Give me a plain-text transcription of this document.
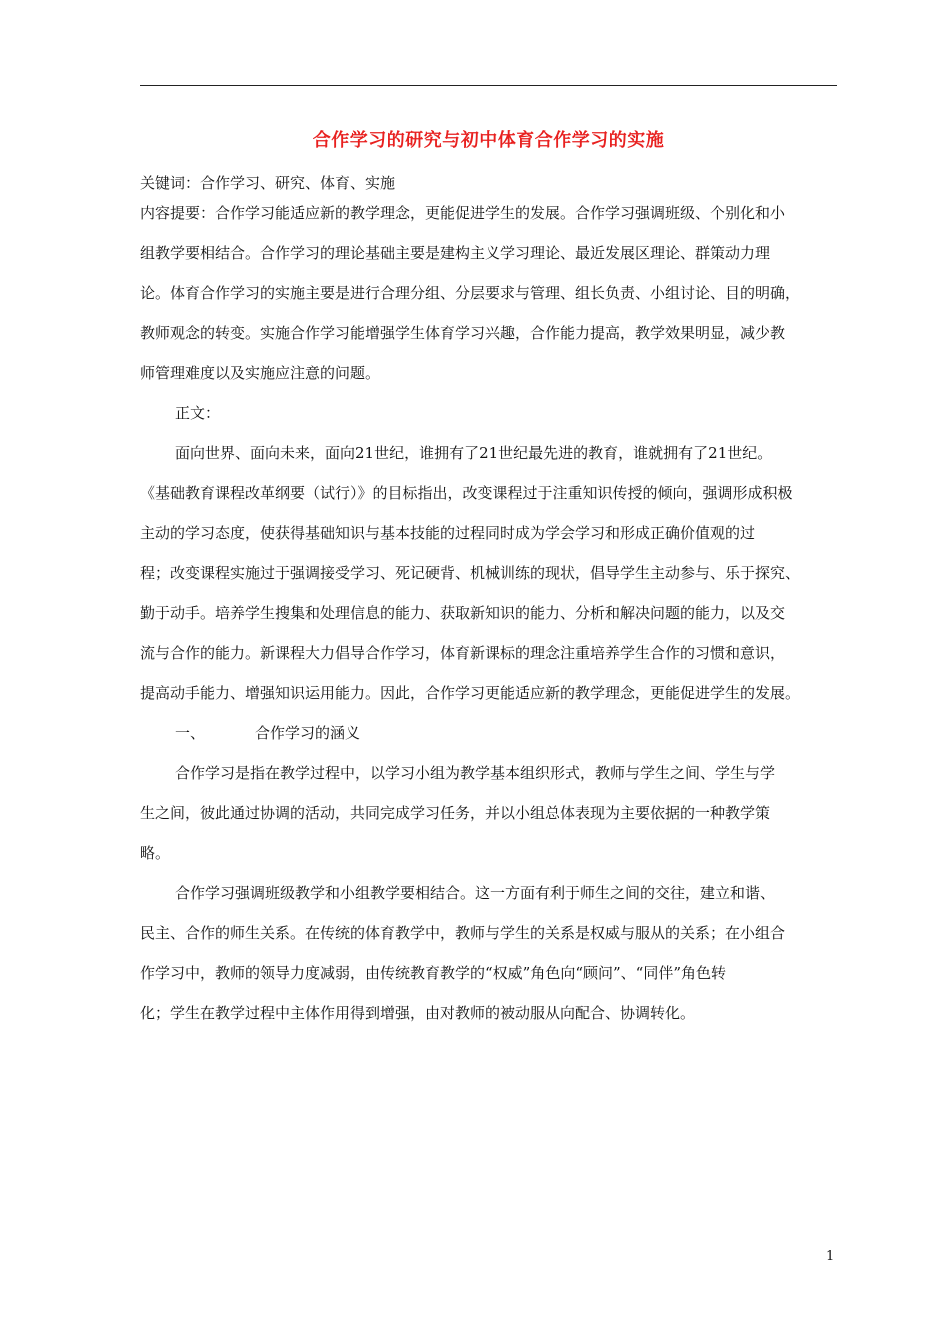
合作学习的研究与初中体育合作学习的实施
关键词：合作学习、研究、体育、实施
内容提要：合作学习能适应新的教学理念，更能促进学生的发展。合作学习强调班级、个别化和小
组教学要相结合。合作学习的理论基础主要是建构主义学习理论、最近发展区理论、群策动力理
论。体育合作学习的实施主要是进行合理分组、分层要求与管理、组长负责、小组讨论、目的明确，
教师观念的转变。实施合作学习能增强学生体育学习兴趣，合作能力提高，教学效果明显，减少教
师管理难度以及实施应注意的问题。
正文：
面向世界、面向未来，面向21世纪，谁拥有了21世纪最先进的教育，谁就拥有了21世纪。
《基础教育课程改革纲要（试行）》的目标指出，改变课程过于注重知识传授的倾向，强调形成积极
主动的学习态度，使获得基础知识与基本技能的过程同时成为学会学习和形成正确价值观的过
程；改变课程实施过于强调接受学习、死记硬背、机械训练的现状，倡导学生主动参与、乐于探究、
勤于动手。培养学生搜集和处理信息的能力、获取新知识的能力、分析和解决问题的能力，以及交
流与合作的能力。新课程大力倡导合作学习，体育新课标的理念注重培养学生合作的习惯和意识，
提高动手能力、增强知识运用能力。因此，合作学习更能适应新的教学理念，更能促进学生的发展。
一、	合作学习的涵义
合作学习是指在教学过程中，以学习小组为教学基本组织形式，教师与学生之间、学生与学
生之间，彼此通过协调的活动，共同完成学习任务，并以小组总体表现为主要依据的一种教学策
略。
合作学习强调班级教学和小组教学要相结合。这一方面有利于师生之间的交往，建立和谐、
民主、合作的师生关系。在传统的体育教学中，教师与学生的关系是权威与服从的关系；在小组合
作学习中，教师的领导力度减弱，由传统教育教学的“权威”角色向“顾问”、“同伴”角色转
化；学生在教学过程中主体作用得到增强，由对教师的被动服从向配合、协调转化。
1
